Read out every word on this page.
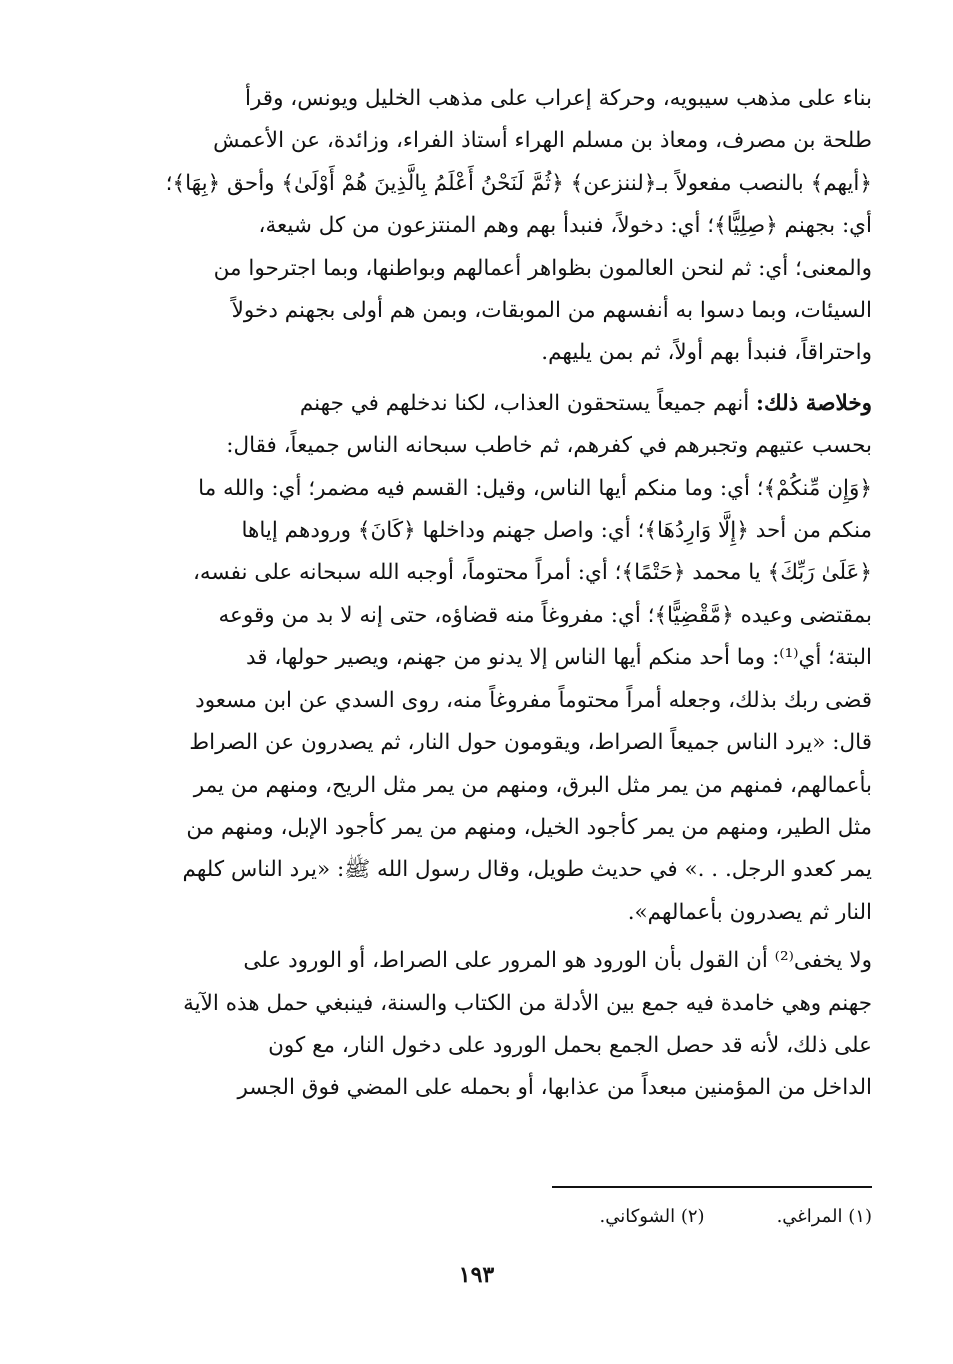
بناء على مذهب سيبويه، وحركة إعراب على مذهب الخليل ويونس، وقرأ
طلحة بن مصرف، ومعاذ بن مسلم الهراء أستاذ الفراء، وزائدة، عن الأعمش
﴿أيهم﴾ بالنصب مفعولاً بـ﴿لننزعن﴾ ﴿ثُمَّ لَنَحْنُ أَعْلَمُ بِالَّذِينَ هُمْ أَوْلَىٰ﴾ وأحق ﴿بِهَا﴾؛
أي: بجهنم ﴿صِلِيًّا﴾؛ أي: دخولاً، فنبدأ بهم وهم المنتزعون من كل شيعة،
والمعنى؛ أي: ثم لنحن العالمون بظواهر أعمالهم وبواطنها، وبما اجترحوا من
السيئات، وبما دسوا به أنفسهم من الموبقات، وبمن هم أولى بجهنم دخولاً
واحتراقاً، فنبدأ بهم أولاً، ثم بمن يليهم.

وخلاصة ذلك: أنهم جميعاً يستحقون العذاب، لكنا ندخلهم في جهنم
بحسب عتيهم وتجبرهم في كفرهم، ثم خاطب سبحانه الناس جميعاً، فقال:
﴿وَإِن مِّنكُمْ﴾؛ أي: وما منكم أيها الناس، وقيل: القسم فيه مضمر؛ أي: والله ما
منكم من أحد ﴿إِلَّا وَارِدُهَا﴾؛ أي: واصل جهنم وداخلها ﴿كَانَ﴾ ورودهم إياها
﴿عَلَىٰ رَبِّكَ﴾ يا محمد ﴿حَتْمًا﴾؛ أي: أمراً محتوماً، أوجبه الله سبحانه على نفسه،
بمقتضى وعيده ﴿مَّقْضِيًّا﴾؛ أي: مفروغاً منه قضاؤه، حتى إنه لا بد من وقوعه
البتة؛ أي⁽¹⁾: وما أحد منكم أيها الناس إلا يدنو من جهنم، ويصير حولها، قد
قضى ربك بذلك، وجعله أمراً محتوماً مفروغاً منه، روى السدي عن ابن مسعود
قال: «يرد الناس جميعاً الصراط، ويقومون حول النار، ثم يصدرون عن الصراط
بأعمالهم، فمنهم من يمر مثل البرق، ومنهم من يمر مثل الريح، ومنهم من يمر
مثل الطير، ومنهم من يمر كأجود الخيل، ومنهم من يمر كأجود الإبل، ومنهم من
يمر كعدو الرجل. . .» في حديث طويل، وقال رسول الله ﷺ: «يرد الناس كلهم
النار ثم يصدرون بأعمالهم».

ولا يخفى⁽²⁾ أن القول بأن الورود هو المرور على الصراط، أو الورود على
جهنم وهي خامدة فيه جمع بين الأدلة من الكتاب والسنة، فينبغي حمل هذه الآية
على ذلك، لأنه قد حصل الجمع بحمل الورود على دخول النار، مع كون
الداخل من المؤمنين مبعداً من عذابها، أو بحمله على المضي فوق الجسر

(١) المراغي.
(٢) الشوكاني.
١٩٣
